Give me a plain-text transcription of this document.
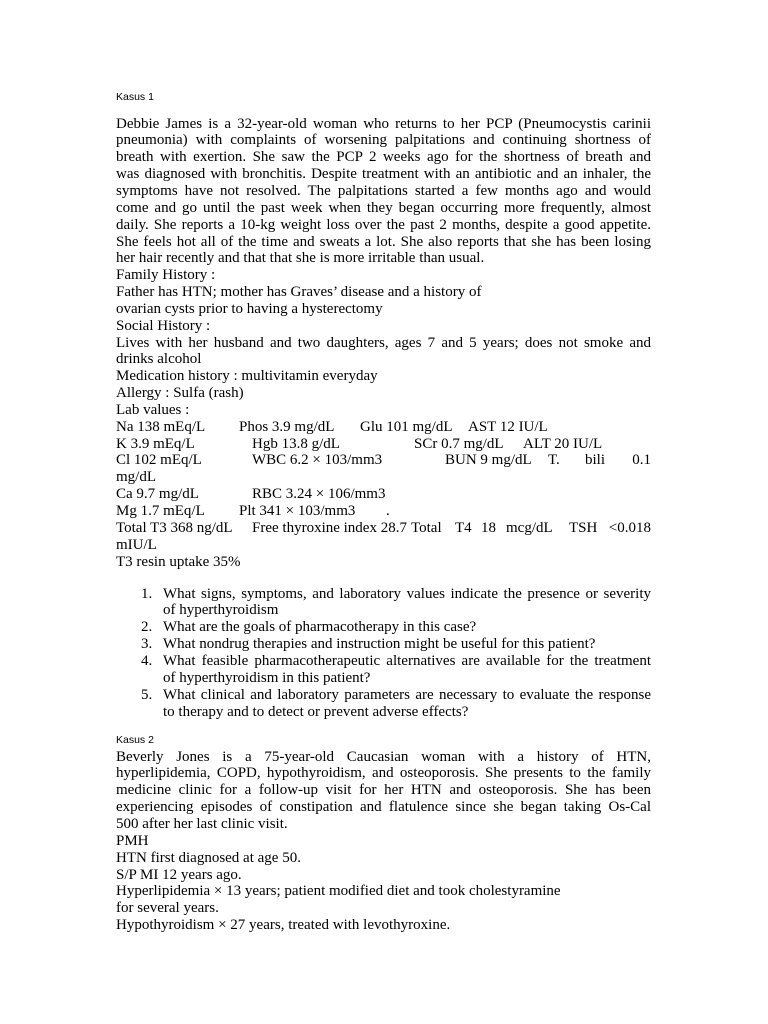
Kasus 1
Debbie James is a 32-year-old woman who returns to her PCP (Pneumocystis carinii
pneumonia) with complaints of worsening palpitations and continuing shortness of
breath with exertion. She saw the PCP 2 weeks ago for the shortness of breath and
was diagnosed with bronchitis. Despite treatment with an antibiotic and an inhaler, the
symptoms have not resolved. The palpitations started a few months ago and would
come and go until the past week when they began occurring more frequently, almost
daily. She reports a 10-kg weight loss over the past 2 months, despite a good appetite.
She feels hot all of the time and sweats a lot. She also reports that she has been losing
her hair recently and that that she is more irritable than usual.
Family History :
Father has HTN; mother has Graves’ disease and a history of
ovarian cysts prior to having a hysterectomy
Social History :
Lives with her husband and two daughters, ages 7 and 5 years; does not smoke and
drinks alcohol
Medication history : multivitamin everyday
Allergy : Sulfa (rash)
Lab values :
Na 138 mEq/L Phos 3.9 mg/dL Glu 101 mg/dL AST 12 IU/L
K 3.9 mEq/L	Hgb 13.8 g/dL	SCr 0.7 mg/dL ALT 20 IU/L
Cl 102 mEq/L	WBC 6.2 × 103/mm3	BUN 9 mg/dL T. bili 0.1
mg/dL
Ca 9.7 mg/dL	RBC 3.24 × 106/mm3
Mg 1.7 mEq/L Plt 341 × 103/mm3 .
Total T3 368 ng/dL Free thyroxine index 28.7 Total T4 18 mcg/dL TSH <0.018
mIU/L
T3 resin uptake 35%
1. What signs, symptoms, and laboratory values indicate the presence or severity
of hyperthyroidism
2. What are the goals of pharmacotherapy in this case?
3. What nondrug therapies and instruction might be useful for this patient?
4. What feasible pharmacotherapeutic alternatives are available for the treatment
of hyperthyroidism in this patient?
5. What clinical and laboratory parameters are necessary to evaluate the response
to therapy and to detect or prevent adverse effects?
Kasus 2
Beverly Jones is a 75-year-old Caucasian woman with a history of HTN,
hyperlipidemia, COPD, hypothyroidism, and osteoporosis. She presents to the family
medicine clinic for a follow-up visit for her HTN and osteoporosis. She has been
experiencing episodes of constipation and flatulence since she began taking Os-Cal
500 after her last clinic visit.
PMH
HTN first diagnosed at age 50.
S/P MI 12 years ago.
Hyperlipidemia × 13 years; patient modified diet and took cholestyramine
for several years.
Hypothyroidism × 27 years, treated with levothyroxine.
